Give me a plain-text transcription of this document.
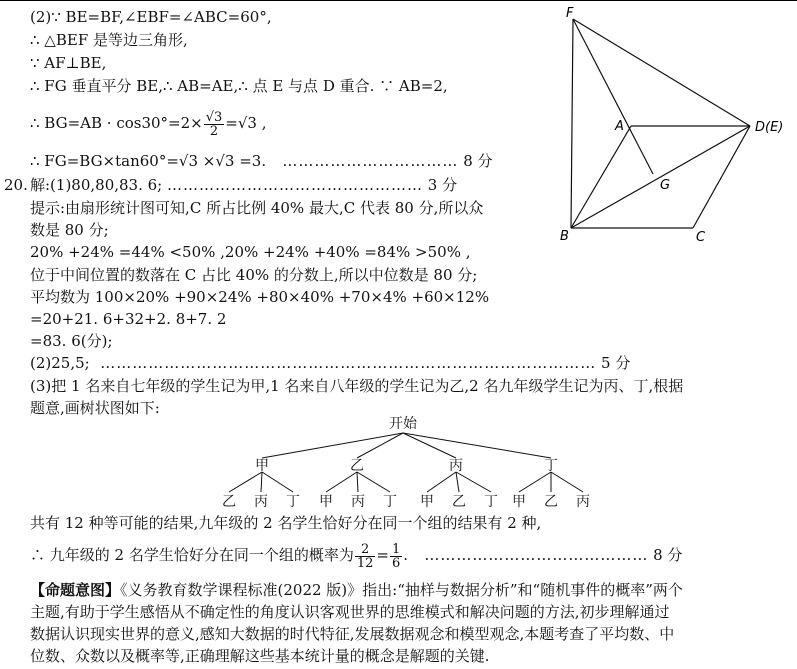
(2)∵ BE=BF,∠EBF=∠ABC=60°,
∴ △BEF 是等边三角形,
∵ AF⊥BE,
∴ FG 垂直平分 BE,∴ AB=AE,∴ 点 E 与点 D 重合. ∵ AB=2,
∴ $BG=AB \cdot \cos 30^\circ=2\times \frac{√3}{2} =√3$ ,
∴ FG=BG×tan60°=√3 ×√3 =3.   …………………………… 8 分
20. 解:(1)80,80,83. 6; ………………………………………… 3 分
提示:由扇形统计图可知,C 所占比例 40% 最大,C 代表 80 分,所以众
数是 80 分;
20% +24% =44% <50% ,20% +24% +40% =84% >50% ,
位于中间位置的数落在 C 占比 40% 的分数上,所以中位数是 80 分;
平均数为 100×20% +90×24% +80×40% +70×4% +60×12%
=20+21. 6+32+2. 8+7. 2
=83. 6(分);
(2)25,5;  ………………………………………………………………………………… 5 分
(3)把 1 名来自七年级的学生记为甲,1 名来自八年级的学生记为乙,2 名九年级学生记为丙、丁,根据
题意,画树状图如下:
开始
甲	乙	丙	丁
乙 丙 丁 甲 丙 丁 甲 乙 丁 甲 乙 丙
共有 12 种等可能的结果,九年级的 2 名学生恰好分在同一个组的结果有 2 种,
∴ 九年级的 2 名学生恰好分在同一个组的概率为 $\frac{2}{12} = \frac{1}{6}$ .   …………………………………… 8 分
【命题意图】《义务教育数学课程标准(2022 版)》指出:“抽样与数据分析”和“随机事件的概率”两个
主题,有助于学生感悟从不确定性的角度认识客观世界的思维模式和解决问题的方法,初步理解通过
数据认识现实世界的意义,感知大数据的时代特征,发展数据观念和模型观念,本题考查了平均数、中
位数、众数以及概率等,正确理解这些基本统计量的概念是解题的关键.
F
A	D(E)
G
B	C
